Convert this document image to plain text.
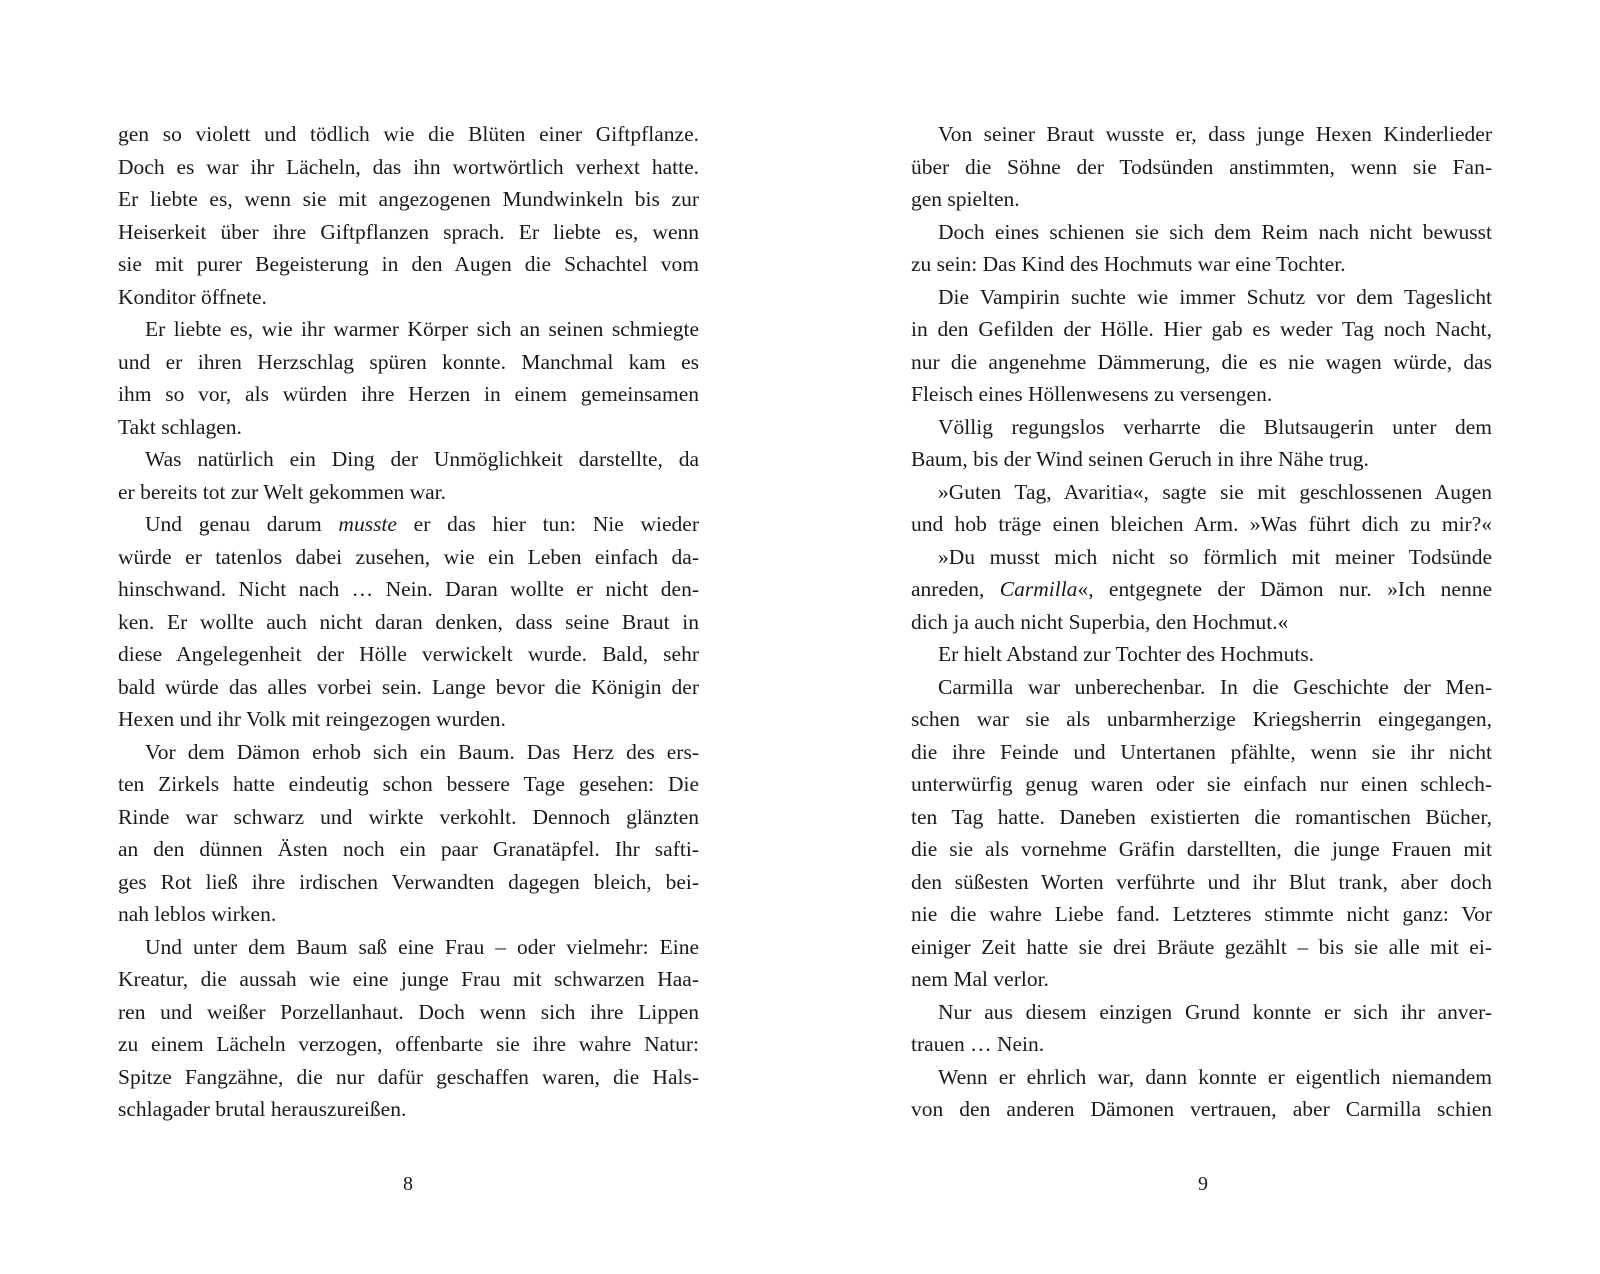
gen so violett und tödlich wie die Blüten einer Giftpflanze.
Doch es war ihr Lächeln, das ihn wortwörtlich verhext hatte.
Er liebte es, wenn sie mit angezogenen Mundwinkeln bis zur
Heiserkeit über ihre Giftpflanzen sprach. Er liebte es, wenn
sie mit purer Begeisterung in den Augen die Schachtel vom
Konditor öffnete.
Er liebte es, wie ihr warmer Körper sich an seinen schmiegte
und er ihren Herzschlag spüren konnte. Manchmal kam es
ihm so vor, als würden ihre Herzen in einem gemeinsamen
Takt schlagen.
Was natürlich ein Ding der Unmöglichkeit darstellte, da
er bereits tot zur Welt gekommen war.
Und genau darum musste er das hier tun: Nie wieder
würde er tatenlos dabei zusehen, wie ein Leben einfach da-
hinschwand. Nicht nach … Nein. Daran wollte er nicht den-
ken. Er wollte auch nicht daran denken, dass seine Braut in
diese Angelegenheit der Hölle verwickelt wurde. Bald, sehr
bald würde das alles vorbei sein. Lange bevor die Königin der
Hexen und ihr Volk mit reingezogen wurden.
Vor dem Dämon erhob sich ein Baum. Das Herz des ers-
ten Zirkels hatte eindeutig schon bessere Tage gesehen: Die
Rinde war schwarz und wirkte verkohlt. Dennoch glänzten
an den dünnen Ästen noch ein paar Granatäpfel. Ihr safti-
ges Rot ließ ihre irdischen Verwandten dagegen bleich, bei-
nah leblos wirken.
Und unter dem Baum saß eine Frau – oder vielmehr: Eine
Kreatur, die aussah wie eine junge Frau mit schwarzen Haa-
ren und weißer Porzellanhaut. Doch wenn sich ihre Lippen
zu einem Lächeln verzogen, offenbarte sie ihre wahre Natur:
Spitze Fangzähne, die nur dafür geschaffen waren, die Hals-
schlagader brutal herauszureißen.
Von seiner Braut wusste er, dass junge Hexen Kinderlieder
über die Söhne der Todsünden anstimmten, wenn sie Fan-
gen spielten.
Doch eines schienen sie sich dem Reim nach nicht bewusst
zu sein: Das Kind des Hochmuts war eine Tochter.
Die Vampirin suchte wie immer Schutz vor dem Tageslicht
in den Gefilden der Hölle. Hier gab es weder Tag noch Nacht,
nur die angenehme Dämmerung, die es nie wagen würde, das
Fleisch eines Höllenwesens zu versengen.
Völlig regungslos verharrte die Blutsaugerin unter dem
Baum, bis der Wind seinen Geruch in ihre Nähe trug.
»Guten Tag, Avaritia«, sagte sie mit geschlossenen Augen
und hob träge einen bleichen Arm. »Was führt dich zu mir?«
»Du musst mich nicht so förmlich mit meiner Todsünde
anreden, Carmilla«, entgegnete der Dämon nur. »Ich nenne
dich ja auch nicht Superbia, den Hochmut.«
Er hielt Abstand zur Tochter des Hochmuts.
Carmilla war unberechenbar. In die Geschichte der Men-
schen war sie als unbarmherzige Kriegsherrin eingegangen,
die ihre Feinde und Untertanen pfählte, wenn sie ihr nicht
unterwürfig genug waren oder sie einfach nur einen schlech-
ten Tag hatte. Daneben existierten die romantischen Bücher,
die sie als vornehme Gräfin darstellten, die junge Frauen mit
den süßesten Worten verführte und ihr Blut trank, aber doch
nie die wahre Liebe fand. Letzteres stimmte nicht ganz: Vor
einiger Zeit hatte sie drei Bräute gezählt – bis sie alle mit ei-
nem Mal verlor.
Nur aus diesem einzigen Grund konnte er sich ihr anver-
trauen … Nein.
Wenn er ehrlich war, dann konnte er eigentlich niemandem
von den anderen Dämonen vertrauen, aber Carmilla schien
8	9
